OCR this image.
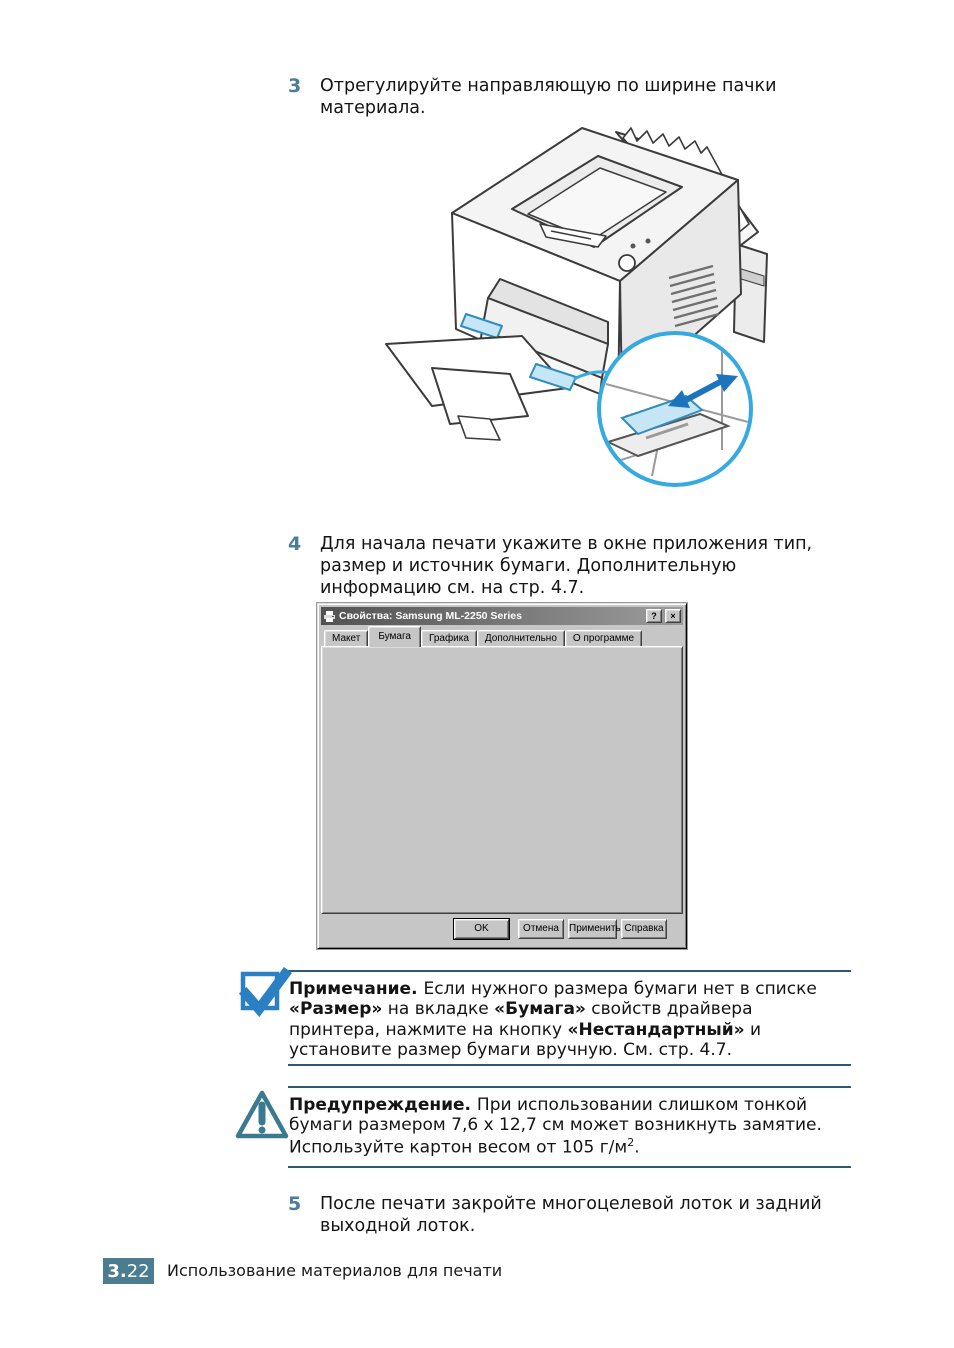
3	Отрегулируйте направляющую по ширине пачки
материала.
4	Для начала печати укажите в окне приложения тип,
размер и источник бумаги. Дополнительную
информацию см. на стр. 4.7.
Свойства: Samsung ML-2250 Series	?	×
Макет	Бумага	Графика	Дополнительно	О программе
▼
▼
▼
▼
▼
▼
OK	Отмена	Применить Справка
Примечание. Если нужного размера бумаги нет в списке
«Размер» на вкладке «Бумага» свойств драйвера
принтера, нажмите на кнопку «Нестандартный» и
установите размер бумаги вручную. См. стр. 4.7.
Предупреждение. При использовании слишком тонкой
бумаги размером 7,6 x 12,7 см может возникнуть замятие.
Используйте картон весом от 105 $г/м^2$.
5	После печати закройте многоцелевой лоток и задний
выходной лоток.
3. 22 Использование материалов для печати
